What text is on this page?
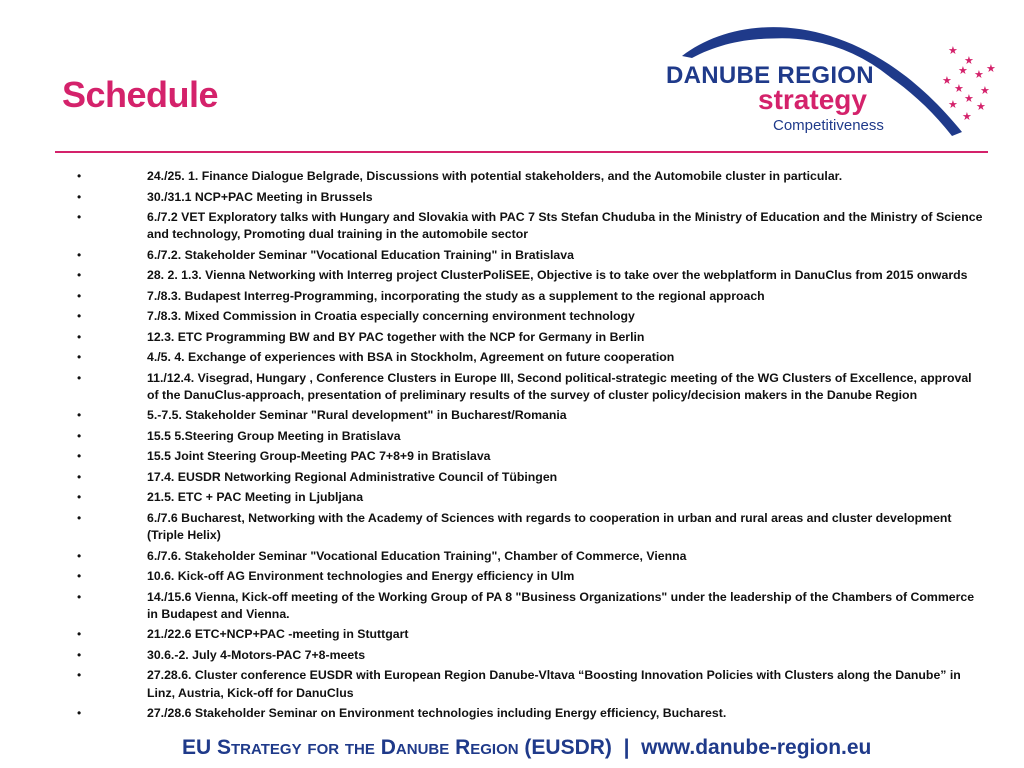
Schedule
★
★
★
★
★
★
★
★
★
★
★
★
DANUBE REGION
strategy
Competitiveness
•	24./25. 1. Finance Dialogue Belgrade, Discussions with potential stakeholders, and the Automobile cluster in particular.
•	30./31.1 NCP+PAC Meeting in Brussels
•	6./7.2 VET Exploratory talks with Hungary and Slovakia with PAC 7 Sts Stefan Chuduba in the Ministry of Education and the Ministry of Science and technology, Promoting dual training in the automobile sector
•	6./7.2. Stakeholder Seminar "Vocational Education Training" in Bratislava
•	28. 2. 1.3. Vienna Networking with Interreg project ClusterPoliSEE, Objective is to take over the webplatform in DanuClus from 2015 onwards
•	7./8.3. Budapest Interreg-Programming, incorporating the study as a supplement to the regional approach
•	7./8.3. Mixed Commission in Croatia especially concerning environment technology
•	12.3. ETC Programming BW and BY PAC together with the NCP for Germany in Berlin
•	4./5. 4. Exchange of experiences with BSA in Stockholm, Agreement on future cooperation
•	11./12.4. Visegrad, Hungary , Conference Clusters in Europe III, Second political-strategic meeting of the WG Clusters of Excellence, approval of the DanuClus-approach, presentation of preliminary results of the survey of cluster policy/decision makers in the Danube Region
•	5.-7.5. Stakeholder Seminar "Rural development" in Bucharest/Romania
•	15.5 5.Steering Group Meeting in Bratislava
•	15.5 Joint Steering Group-Meeting PAC 7+8+9 in Bratislava
•	17.4. EUSDR Networking Regional Administrative Council of Tübingen
•	21.5. ETC + PAC Meeting in Ljubljana
•	6./7.6 Bucharest, Networking with the Academy of Sciences with regards to cooperation in urban and rural areas and cluster development (Triple Helix)
•	6./7.6. Stakeholder Seminar "Vocational Education Training", Chamber of Commerce, Vienna
•	10.6. Kick-off AG Environment technologies and Energy efficiency in Ulm
•	14./15.6 Vienna, Kick-off meeting of the Working Group of PA 8 "Business Organizations" under the leadership of the Chambers of Commerce in Budapest and Vienna.
•	21./22.6 ETC+NCP+PAC -meeting in Stuttgart
•	30.6.-2. July 4-Motors-PAC 7+8-meets
•	27.28.6. Cluster conference EUSDR with European Region Danube-Vltava “Boosting Innovation Policies with Clusters along the Danube” in Linz, Austria, Kick-off for DanuClus
•	27./28.6 Stakeholder Seminar on Environment technologies including Energy efficiency, Bucharest.
EU Strategy for the Danube Region (EUSDR) | www.danube-region.eu
